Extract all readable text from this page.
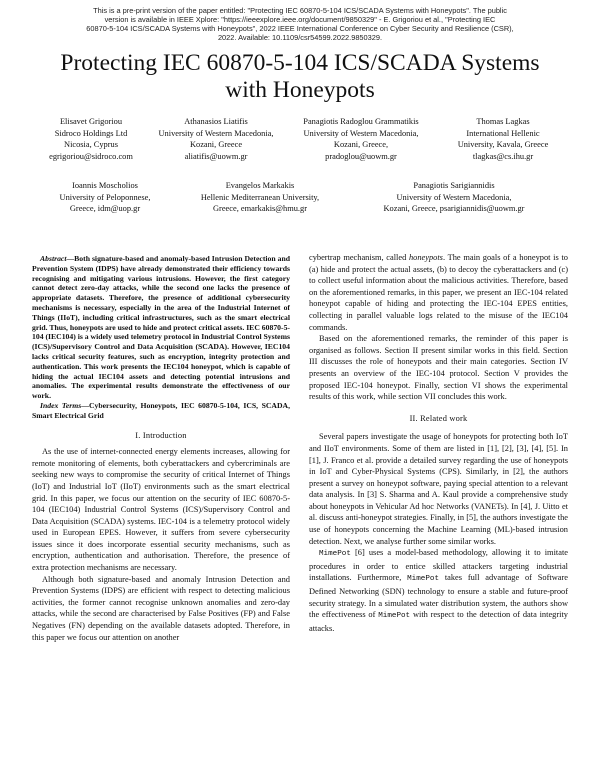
This is a pre-print version of the paper entitled: "Protecting IEC 60870-5-104 ICS/SCADA Systems with Honeypots". The public
version is available in IEEE Xplore: "https://ieeexplore.ieee.org/document/9850329" - E. Grigoriou et al., "Protecting IEC
60870-5-104 ICS/SCADA Systems with Honeypots", 2022 IEEE International Conference on Cyber Security and Resilience (CSR),
2022. Available: 10.1109/csr54599.2022.9850329.
Protecting IEC 60870-5-104 ICS/SCADA Systems
with Honeypots
Elisavet Grigoriou
Sidroco Holdings Ltd
Nicosia, Cyprus
egrigoriou@sidroco.com
Athanasios Liatifis
University of Western Macedonia,
Kozani, Greece
aliatifis@uowm.gr
Panagiotis Radoglou Grammatikis
University of Western Macedonia,
Kozani, Greece,
pradoglou@uowm.gr
Thomas Lagkas
International Hellenic
University, Kavala, Greece
tlagkas@cs.ihu.gr
Ioannis Moscholios
University of Peloponnese,
Greece, idm@uop.gr
Evangelos Markakis
Hellenic Mediterranean University,
Greece, emarkakis@hmu.gr
Panagiotis Sarigiannidis
University of Western Macedonia,
Kozani, Greece, psarigiannidis@uowm.gr

Abstract—Both signature-based and anomaly-based Intrusion Detection and Prevention System (IDPS) have already demonstrated their efficiency towards recognising and mitigating various intrusions. However, the first category cannot detect zero-day attacks, while the second one lacks the presence of appropriate datasets. Therefore, the presence of additional cybersecurity mechanisms is necessary, especially in the area of the Industrial Internet of Things (IIoT), including critical infrastructures, such as the smart electrical grid. Thus, honeypots are used to hide and protect critical assets. IEC 60870-5-104 (IEC104) is a widely used telemetry protocol in Industrial Control Systems (ICS)/Supervisory Control and Data Acquisition (SCADA). However, IEC104 lacks critical security features, such as encryption, integrity protection and authentication. This work presents the IEC104 honeypot, which is capable of hiding the actual IEC104 assets and detecting potential intrusions and anomalies. The experimental results demonstrate the effectiveness of our work.

Index Terms—Cybersecurity, Honeypots, IEC 60870-5-104, ICS, SCADA, Smart Electrical Grid

I. Introduction

As the use of internet-connected energy elements increases, allowing for remote monitoring of elements, both cyberattackers and cybercriminals are seeking new ways to compromise the security of critical Internet of Things (IoT) and Industrial IoT (IIoT) environments such as the smart electrical grid. In this paper, we focus our attention on the security of IEC 60870-5-104 (IEC104) Industrial Control Systems (ICS)/Supervisory Control and Data Acquisition (SCADA) systems. IEC-104 is a telemetry protocol widely used in European EPES. However, it suffers from severe cybersecurity issues since it does incorporate essential security mechanisms, such as encryption, authentication and authorisation. Therefore, the presence of extra protection mechanisms are necessary.

Although both signature-based and anomaly Intrusion Detection and Prevention Systems (IDPS) are efficient with respect to detecting malicious activities, the former cannot recognise unknown anomalies and zero-day attacks, while the second are characterised by False Positives (FP) and False Negatives (FN) depending on the available datasets adopted. Therefore, in this paper we focus our attention on another

cybertrap mechanism, called honeypots. The main goals of a honeypot is to (a) hide and protect the actual assets, (b) to decoy the cyberattackers and (c) to collect useful information about the malicious activities. Therefore, based on the aforementioned remarks, in this paper, we present an IEC-104 related honeypot capable of hiding and protecting the IEC-104 EPES entities, collecting in parallel valuable logs related to the misuse of the IEC104 commands.

Based on the aforementioned remarks, the reminder of this paper is organised as follows. Section II present similar works in this field. Section III discusses the role of honeypots and their main categories. Section IV presents an overview of the IEC-104 protocol. Section V provides the proposed IEC-104 honeypot. Finally, section VI shows the experimental results of this work, while section VII concludes this work.

II. Related work

Several papers investigate the usage of honeypots for protecting both IoT and IIoT environments. Some of them are listed in [1], [2], [3], [4], [5]. In [1], J. Franco et al. provide a detailed survey regarding the use of honeypots in IoT and Cyber-Physical Systems (CPS). Similarly, in [2], the authors present a survey on honeypot software, paying special attention to a relevant data analysis. In [3] S. Sharma and A. Kaul provide a comprehensive study about honeypots in Vehicular Ad hoc Networks (VANETs). In [4], J. Uitto et al. discuss anti-honeypot strategies. Finally, in [5], the authors investigate the use of honeypots concerning the Machine Learning (ML)-based intrusion detection. Next, we analyse further some similar works.

MimePot [6] uses a model-based methodology, allowing it to imitate procedures in order to entice skilled attackers targeting industrial installations. Furthermore, MimePot takes full advantage of Software Defined Networking (SDN) technology to ensure a stable and future-proof security strategy. In a simulated water distribution system, the authors show the effectiveness of MimePot with respect to the detection of data integrity attacks.
